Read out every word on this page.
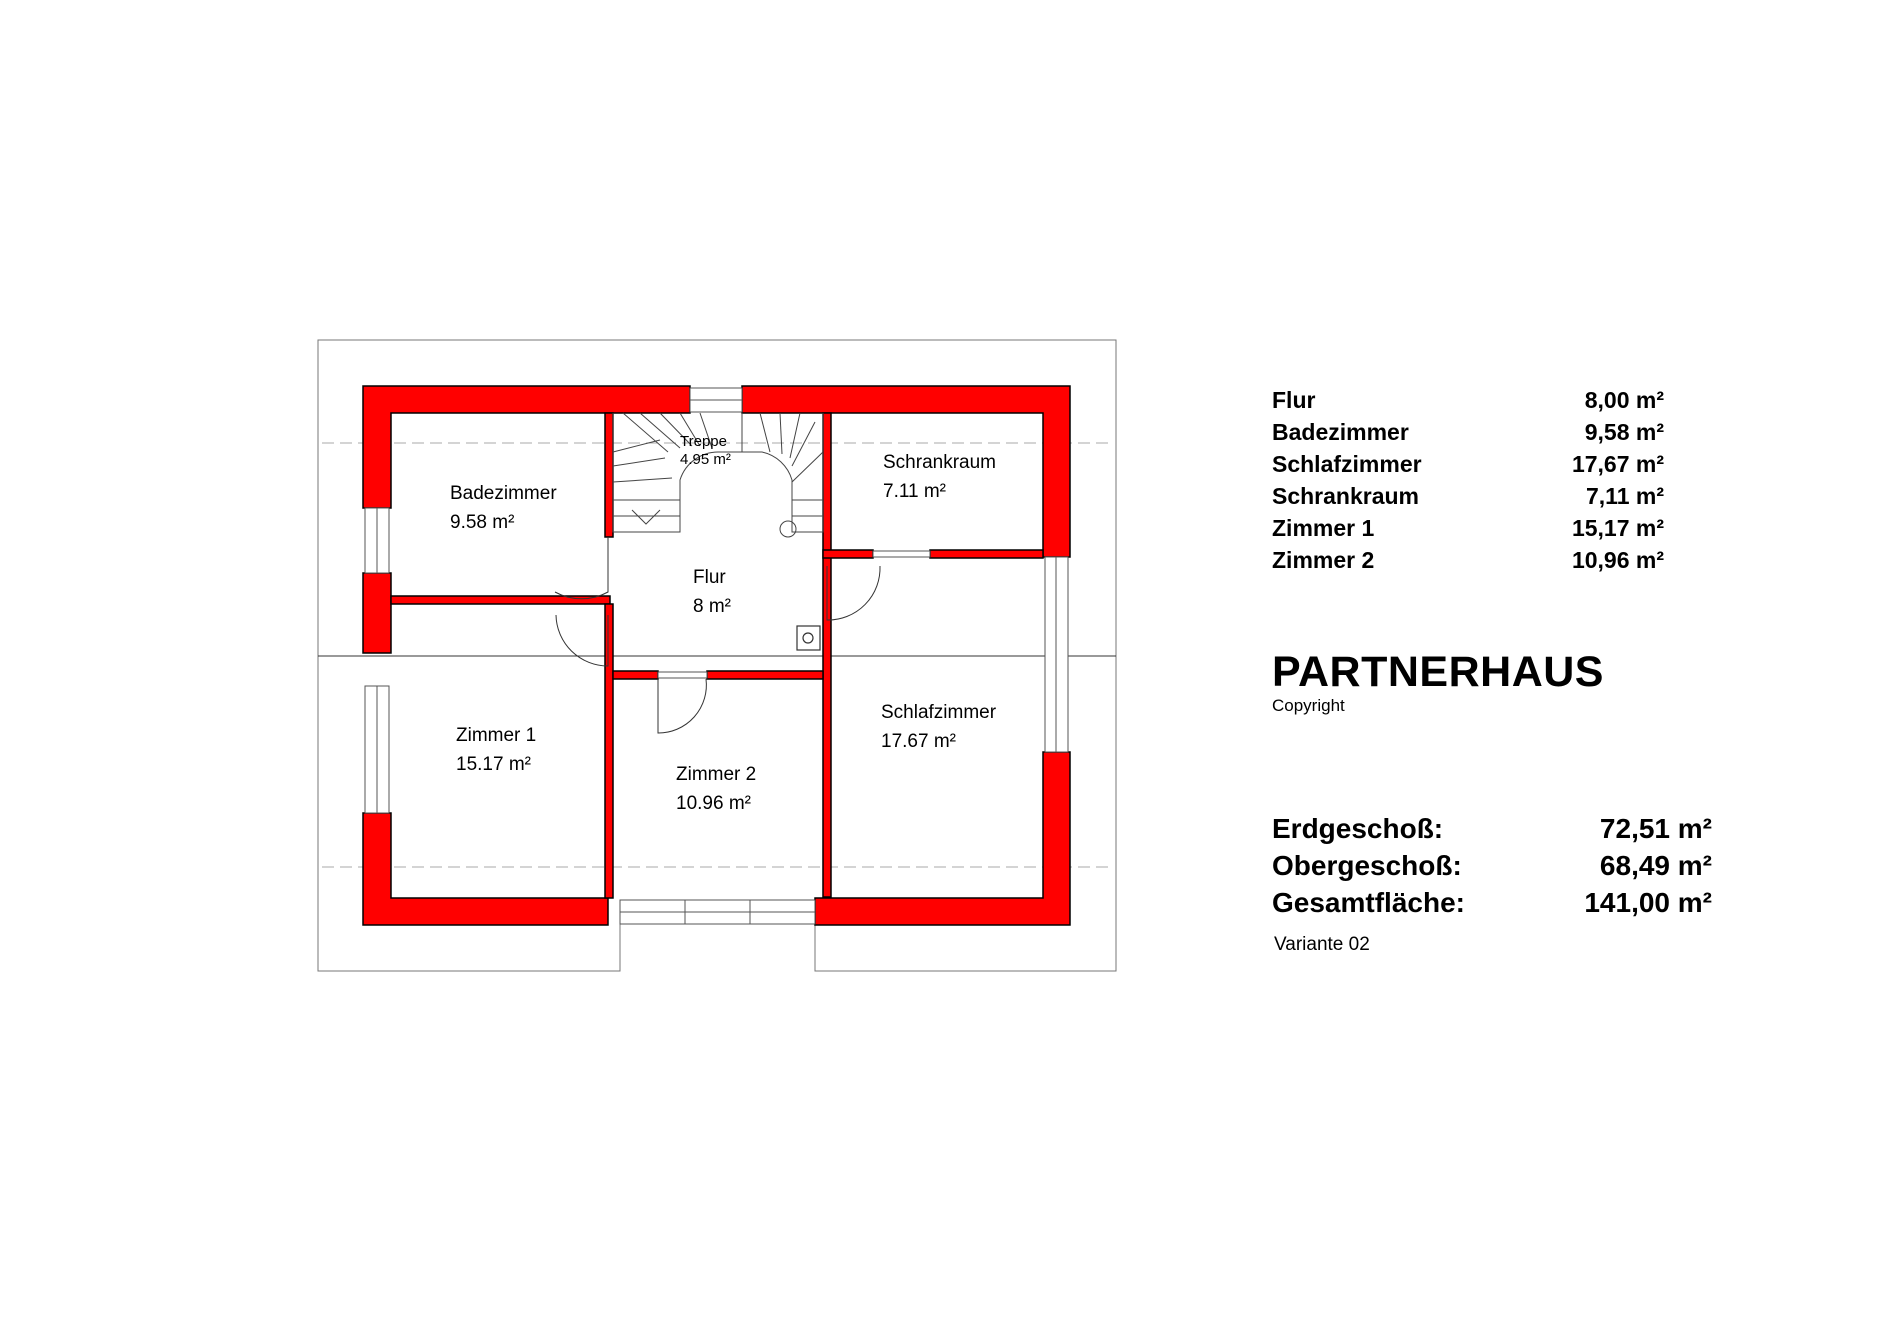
Badezimmer
9.58 m²
Treppe
4.95 m²	Schrankraum
7.11 m²
Flur
8 m²
Zimmer 1
15.17 m²	Zimmer 2
10.96 m²
Schlafzimmer
17.67 m²
Flur	8,00 m²
Badezimmer	9,58 m²
Schlafzimmer	17,67 m²
Schrankraum	7,11 m²
Zimmer 1	15,17 m²
Zimmer 2	10,96 m²
PARTNERHAUS
Copyright
Erdgeschoß:	72,51 m²
Obergeschoß:	68,49 m²
Gesamtfläche:	141,00 m²
Variante 02
